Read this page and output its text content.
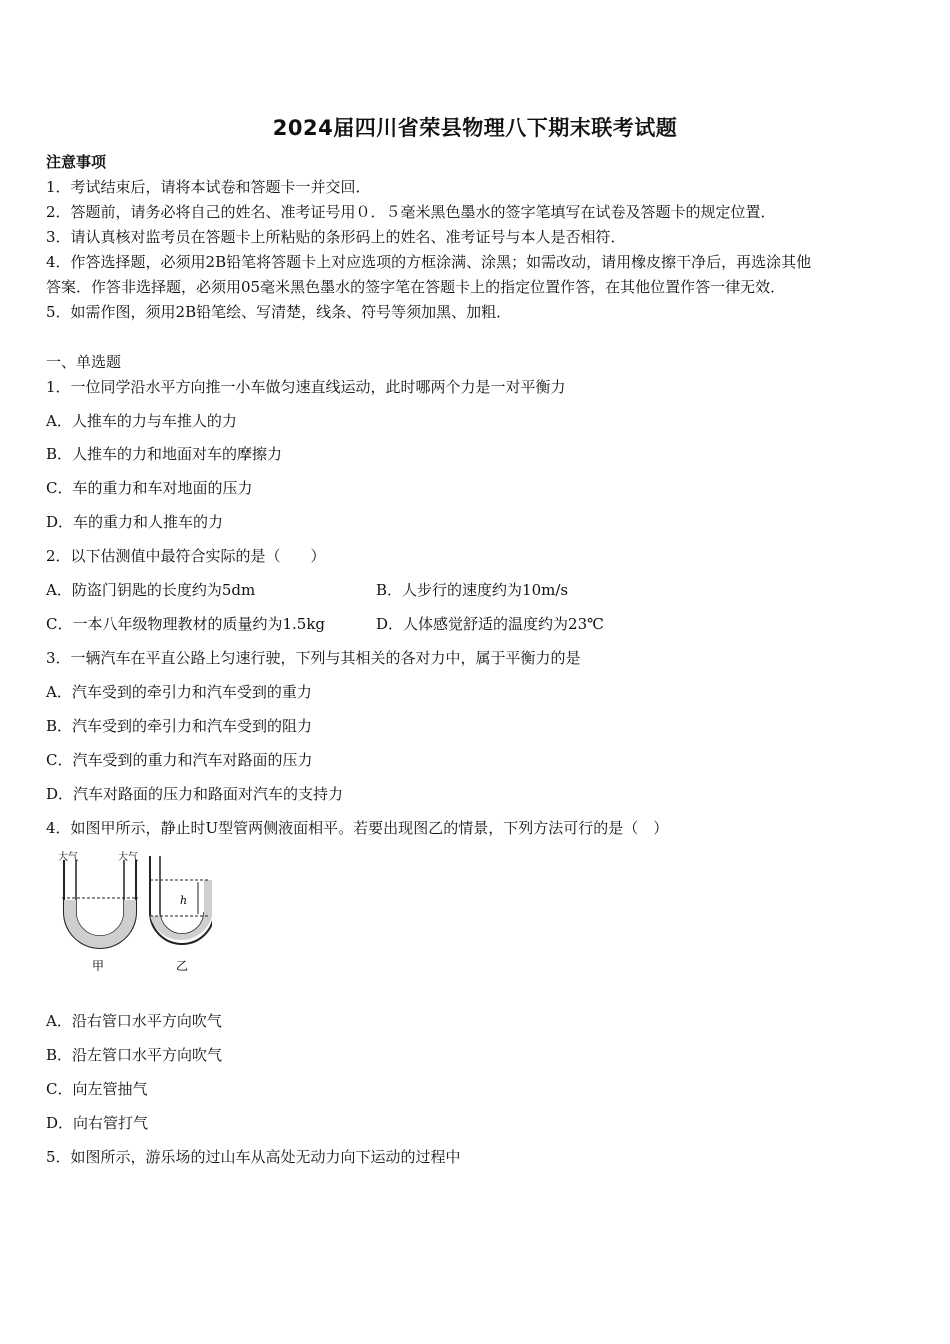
2024届四川省荣县物理八下期末联考试题
注意事项
1．考试结束后，请将本试卷和答题卡一并交回．
2．答题前，请务必将自己的姓名、准考证号用０．５毫米黑色墨水的签字笔填写在试卷及答题卡的规定位置．
3．请认真核对监考员在答题卡上所粘贴的条形码上的姓名、准考证号与本人是否相符．
4．作答选择题，必须用2B铅笔将答题卡上对应选项的方框涂满、涂黑；如需改动，请用橡皮擦干净后，再选涂其他
答案．作答非选择题，必须用05毫米黑色墨水的签字笔在答题卡上的指定位置作答，在其他位置作答一律无效．
5．如需作图，须用2B铅笔绘、写清楚，线条、符号等须加黑、加粗．
一、单选题
1．一位同学沿水平方向推一小车做匀速直线运动，此时哪两个力是一对平衡力
A．人推车的力与车推人的力
B．人推车的力和地面对车的摩擦力
C．车的重力和车对地面的压力
D．车的重力和人推车的力
2．以下估测值中最符合实际的是（　　）
A．防盗门钥匙的长度约为5dm	B．人步行的速度约为10m/s
C．一本八年级物理教材的质量约为1.5kg	D．人体感觉舒适的温度约为23℃
3．一辆汽车在平直公路上匀速行驶，下列与其相关的各对力中，属于平衡力的是
A．汽车受到的牵引力和汽车受到的重力
B．汽车受到的牵引力和汽车受到的阻力
C．汽车受到的重力和汽车对路面的压力
D．汽车对路面的压力和路面对汽车的支持力
4．如图甲所示，静止时U型管两侧液面相平。若要出现图乙的情景，下列方法可行的是（　）
大气	大气
甲
h
乙
A．沿右管口水平方向吹气
B．沿左管口水平方向吹气
C．向左管抽气
D．向右管打气
5．如图所示，游乐场的过山车从高处无动力向下运动的过程中
